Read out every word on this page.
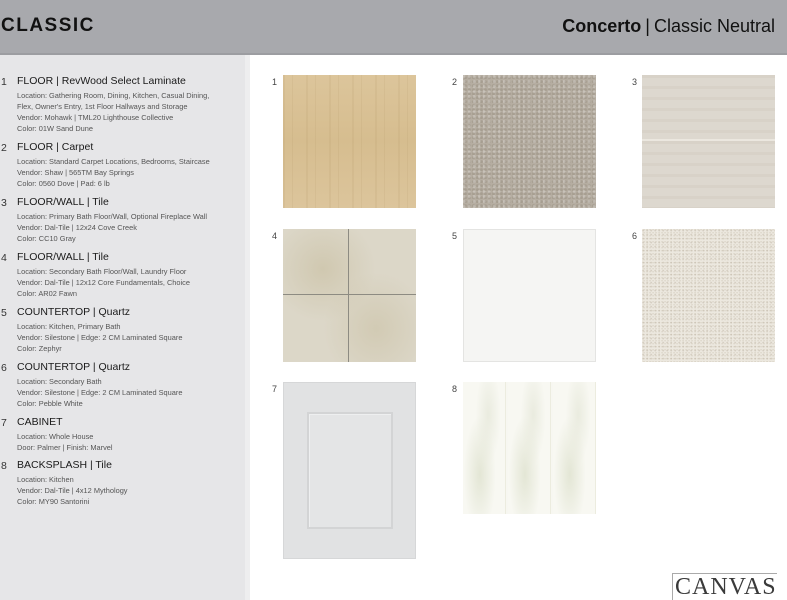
CLASSIC	Concerto | Classic Neutral
1 FLOOR | RevWood Select Laminate
Location: Gathering Room, Dining, Kitchen, Casual Dining,
Flex, Owner's Entry, 1st Floor Hallways and Storage
Vendor: Mohawk | TML20 Lighthouse Collective
Color: 01W Sand Dune
2 FLOOR | Carpet
Location: Standard Carpet Locations, Bedrooms, Staircase
Vendor: Shaw | 565TM Bay Springs
Color: 0560 Dove | Pad: 6 lb
3 FLOOR/WALL | Tile
Location: Primary Bath Floor/Wall, Optional Fireplace Wall
Vendor: Dal-Tile | 12x24 Cove Creek
Color: CC10 Gray
4 FLOOR/WALL | Tile
Location: Secondary Bath Floor/Wall, Laundry Floor
Vendor: Dal-Tile | 12x12 Core Fundamentals, Choice
Color: AR02 Fawn
5 COUNTERTOP | Quartz
Location: Kitchen, Primary Bath
Vendor: Silestone | Edge: 2 CM Laminated Square
Color: Zephyr
6 COUNTERTOP | Quartz
Location: Secondary Bath
Vendor: Silestone | Edge: 2 CM Laminated Square
Color: Pebble White
7 CABINET
Location: Whole House
Door: Palmer | Finish: Marvel
8 BACKSPLASH | Tile
Location: Kitchen
Vendor: Dal-Tile | 4x12 Mythology
Color: MY90 Santorini
1	2	3
4	5	6
7	8
CANVAS
